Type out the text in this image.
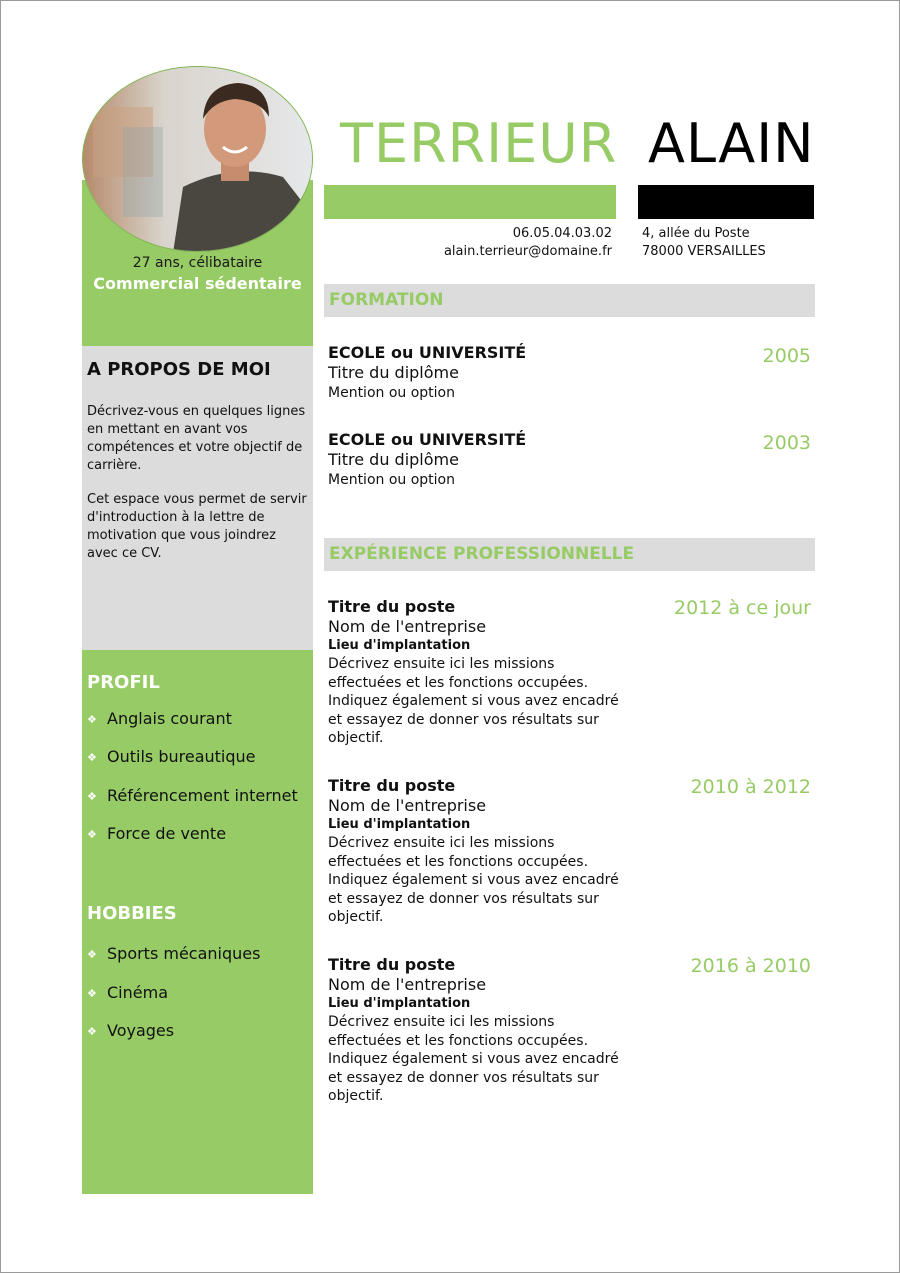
27 ans, célibataire
Commercial sédentaire
A PROPOS DE MOI
Décrivez-vous en quelques lignes en mettant en avant vos compétences et votre objectif de carrière.
Cet espace vous permet de servir d'introduction à la lettre de motivation que vous joindrez avec ce CV.
PROFIL
❖ Anglais courant
❖ Outils bureautique
❖ Référencement internet
❖ Force de vente
HOBBIES
❖ Sports mécaniques
❖ Cinéma
❖ Voyages
TERRIEUR ALAIN
06.05.04.03.02
alain.terrieur@domaine.fr
4, allée du Poste
78000 VERSAILLES
FORMATION
ECOLE ou UNIVERSITÉ
Titre du diplôme
Mention ou option
2005
ECOLE ou UNIVERSITÉ
Titre du diplôme
Mention ou option
2003
EXPÉRIENCE PROFESSIONNELLE
Titre du poste
Nom de l'entreprise
Lieu d'implantation
Décrivez ensuite ici les missions effectuées et les fonctions occupées. Indiquez également si vous avez encadré et essayez de donner vos résultats sur objectif.
2012 à ce jour
Titre du poste
Nom de l'entreprise
Lieu d'implantation
Décrivez ensuite ici les missions effectuées et les fonctions occupées. Indiquez également si vous avez encadré et essayez de donner vos résultats sur objectif.
2010 à 2012
Titre du poste
Nom de l'entreprise
Lieu d'implantation
Décrivez ensuite ici les missions effectuées et les fonctions occupées. Indiquez également si vous avez encadré et essayez de donner vos résultats sur objectif.
2016 à 2010
